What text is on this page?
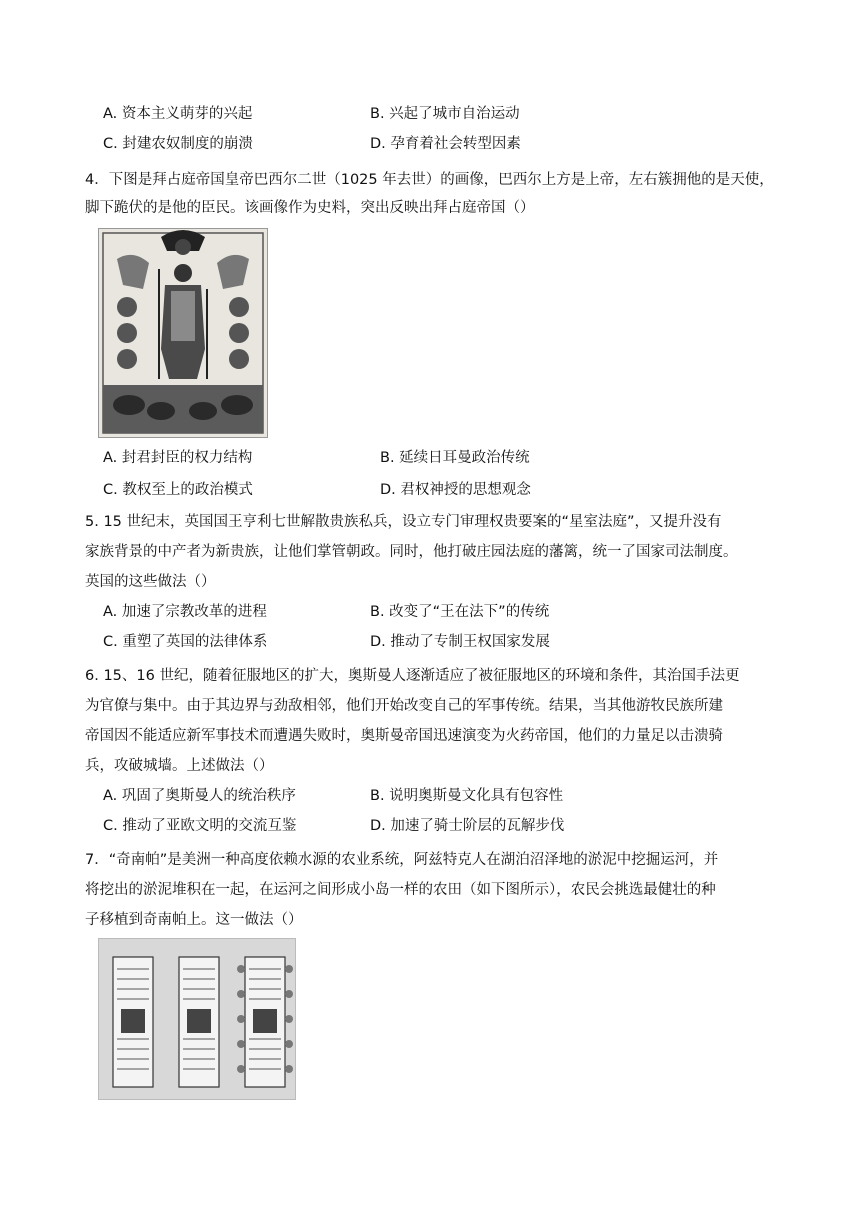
A. 资本主义萌芽的兴起	B. 兴起了城市自治运动
C. 封建农奴制度的崩溃	D. 孕育着社会转型因素
4．下图是拜占庭帝国皇帝巴西尔二世（1025 年去世）的画像，巴西尔上方是上帝，左右簇拥他的是天使，
脚下跪伏的是他的臣民。该画像作为史料，突出反映出拜占庭帝国（）
A. 封君封臣的权力结构	B. 延续日耳曼政治传统
C. 教权至上的政治模式	D. 君权神授的思想观念
5. 15 世纪末，英国国王亨利七世解散贵族私兵，设立专门审理权贵要案的“星室法庭”，又提升没有
家族背景的中产者为新贵族，让他们掌管朝政。同时，他打破庄园法庭的藩篱，统一了国家司法制度。
英国的这些做法（）
A. 加速了宗教改革的进程	B. 改变了“王在法下”的传统
C. 重塑了英国的法律体系	D. 推动了专制王权国家发展
6. 15、16 世纪，随着征服地区的扩大，奥斯曼人逐渐适应了被征服地区的环境和条件，其治国手法更
为官僚与集中。由于其边界与劲敌相邻，他们开始改变自己的军事传统。结果，当其他游牧民族所建
帝国因不能适应新军事技术而遭遇失败时，奥斯曼帝国迅速演变为火药帝国，他们的力量足以击溃骑
兵，攻破城墙。上述做法（）
A. 巩固了奥斯曼人的统治秩序	B. 说明奥斯曼文化具有包容性
C. 推动了亚欧文明的交流互鉴	D. 加速了骑士阶层的瓦解步伐
7．“奇南帕”是美洲一种高度依赖水源的农业系统，阿兹特克人在湖泊沼泽地的淤泥中挖掘运河，并
将挖出的淤泥堆积在一起，在运河之间形成小岛一样的农田（如下图所示），农民会挑选最健壮的种
子移植到奇南帕上。这一做法（）
